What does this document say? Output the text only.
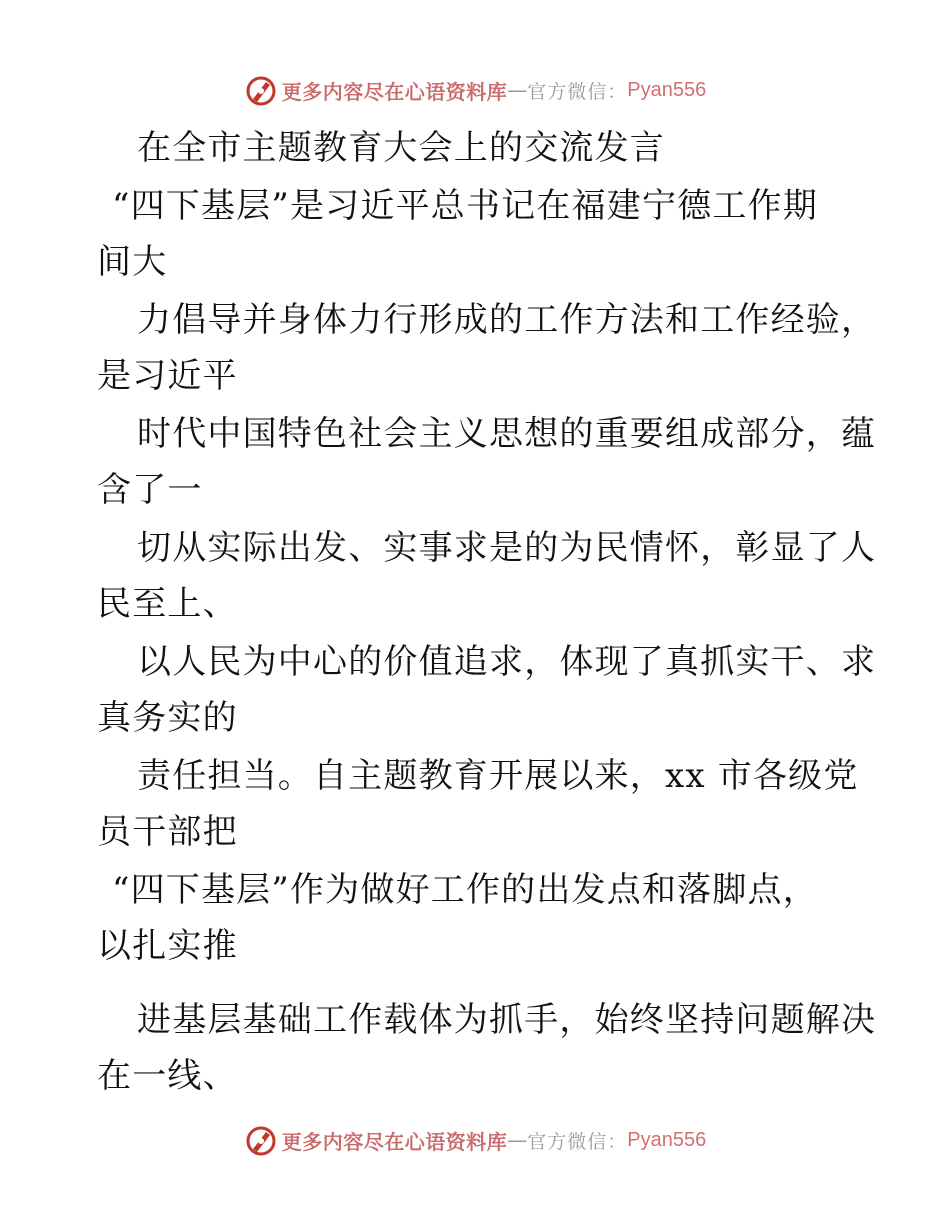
更多内容尽在心语资料库 — 官方微信： Pyan556
在全市主题教育大会上的交流发言
“四下基层”是习近平总书记在福建宁德工作期
间大
力倡导并身体力行形成的工作方法和工作经验，
是习近平
时代中国特色社会主义思想的重要组成部分，蕴
含了一
切从实际出发、实事求是的为民情怀，彰显了人
民至上、
以人民为中心的价值追求，体现了真抓实干、求
真务实的
责任担当。自主题教育开展以来，xx 市各级党
员干部把
“四下基层”作为做好工作的出发点和落脚点，
以扎实推
进基层基础工作载体为抓手，始终坚持问题解决
在一线、
更多内容尽在心语资料库 — 官方微信： Pyan556
